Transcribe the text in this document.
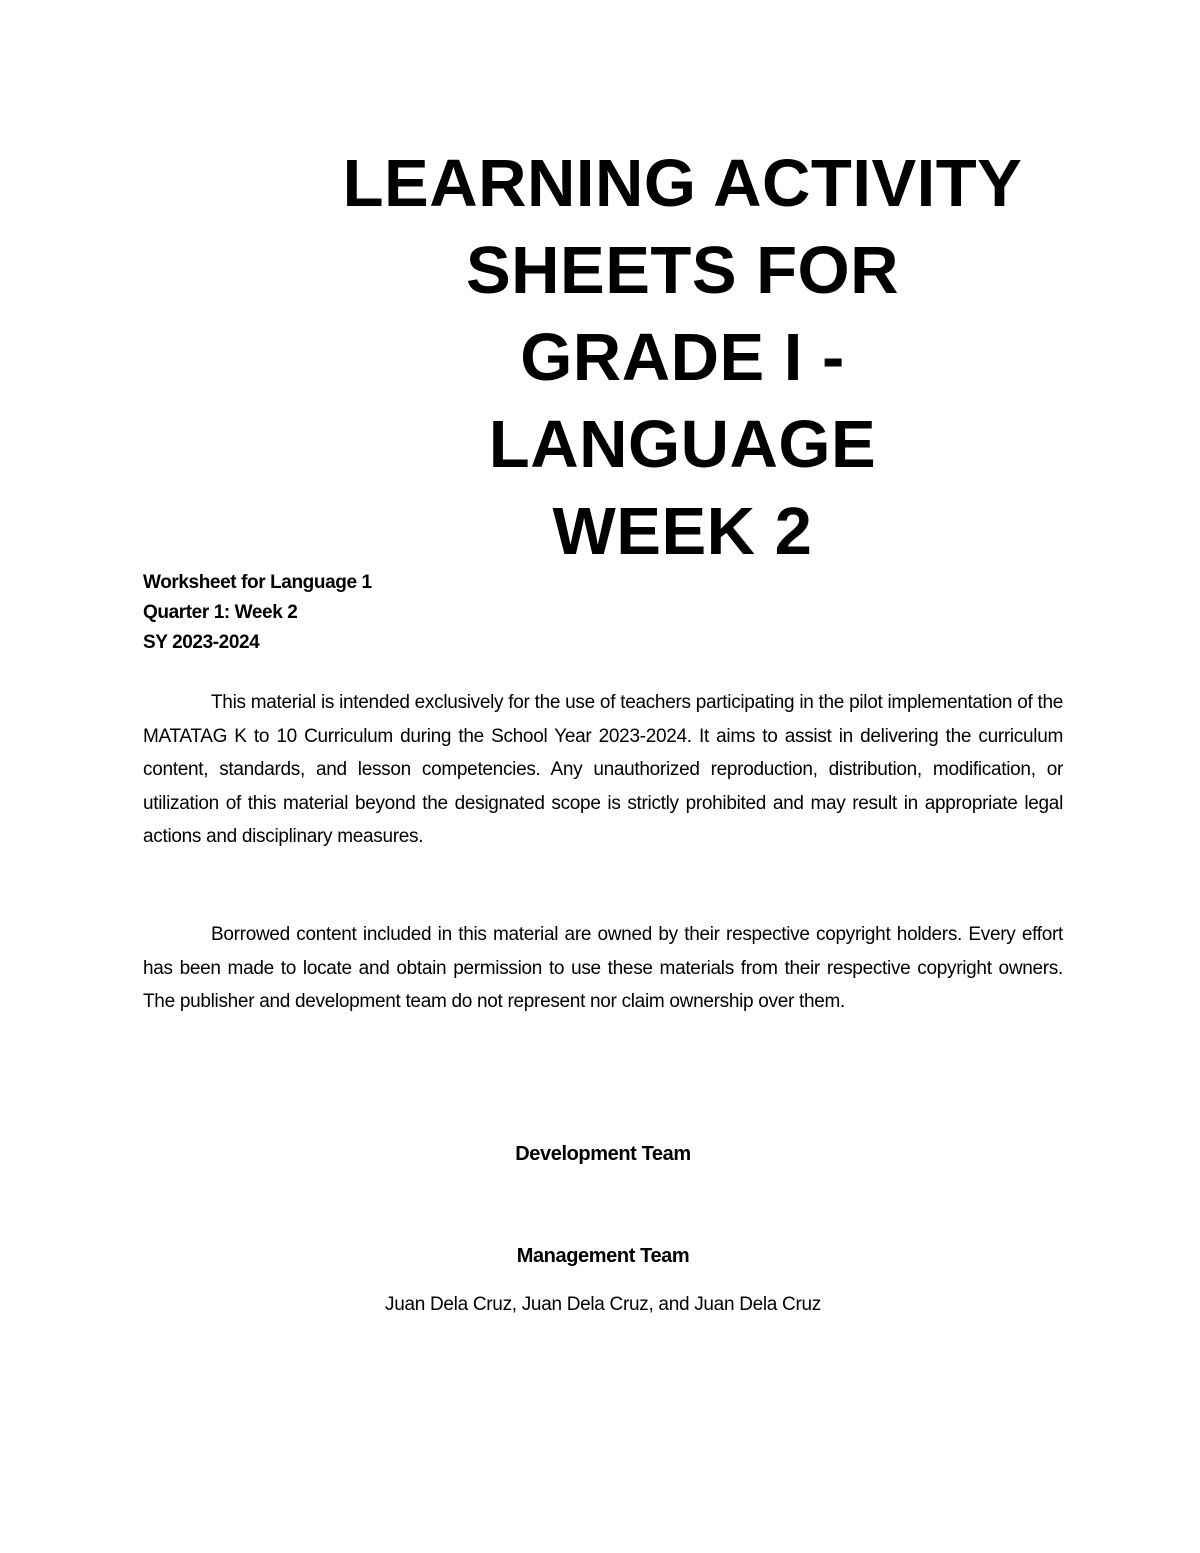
LEARNING ACTIVITY
SHEETS FOR
GRADE I -
LANGUAGE
WEEK 2
Worksheet for Language 1
Quarter 1: Week 2
SY 2023-2024

This material is intended exclusively for the use of teachers participating in the pilot implementation of the MATATAG K to 10 Curriculum during the School Year 2023-2024. It aims to assist in delivering the curriculum content, standards, and lesson competencies. Any unauthorized reproduction, distribution, modification, or utilization of this material beyond the designated scope is strictly prohibited and may result in appropriate legal actions and disciplinary measures.

Borrowed content included in this material are owned by their respective copyright holders. Every effort has been made to locate and obtain permission to use these materials from their respective copyright owners. The publisher and development team do not represent nor claim ownership over them.

Development Team
Management Team
Juan Dela Cruz, Juan Dela Cruz, and Juan Dela Cruz
